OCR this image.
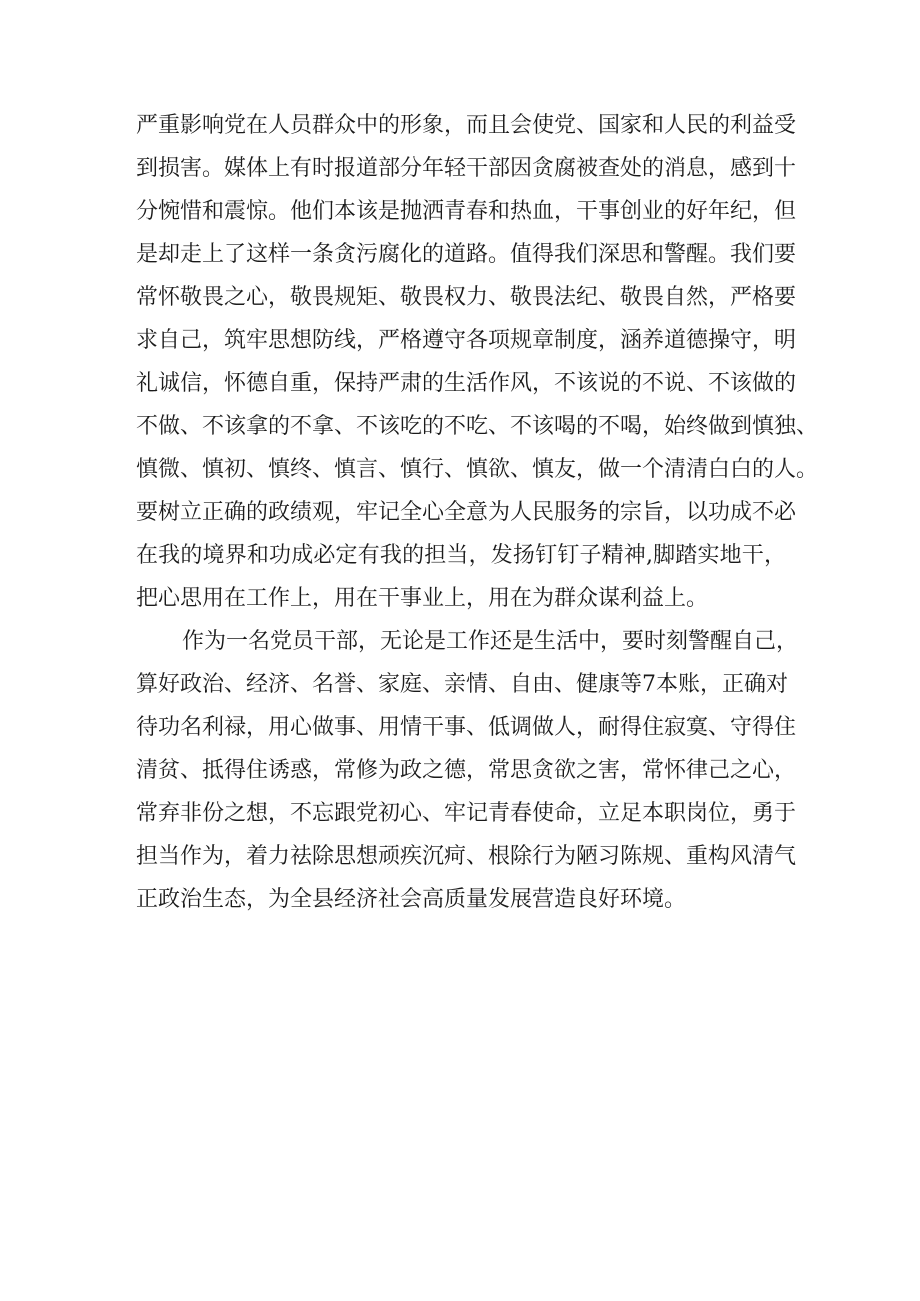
严重影响党在人员群众中的形象，而且会使党、国家和人民的利益受
到损害。媒体上有时报道部分年轻干部因贪腐被查处的消息，感到十
分惋惜和震惊。他们本该是抛洒青春和热血，干事创业的好年纪，但
是却走上了这样一条贪污腐化的道路。值得我们深思和警醒。我们要
常怀敬畏之心，敬畏规矩、敬畏权力、敬畏法纪、敬畏自然，严格要
求自己，筑牢思想防线，严格遵守各项规章制度，涵养道德操守，明
礼诚信，怀德自重，保持严肃的生活作风，不该说的不说、不该做的
不做、不该拿的不拿、不该吃的不吃、不该喝的不喝，始终做到慎独、
慎微、慎初、慎终、慎言、慎行、慎欲、慎友，做一个清清白白的人。
要树立正确的政绩观，牢记全心全意为人民服务的宗旨，以功成不必
在我的境界和功成必定有我的担当，发扬钉钉子精神,脚踏实地干，
把心思用在工作上，用在干事业上，用在为群众谋利益上。
作为一名党员干部，无论是工作还是生活中，要时刻警醒自己，
算好政治、经济、名誉、家庭、亲情、自由、健康等7本账，正确对
待功名利禄，用心做事、用情干事、低调做人，耐得住寂寞、守得住
清贫、抵得住诱惑，常修为政之德，常思贪欲之害，常怀律己之心，
常弃非份之想，不忘跟党初心、牢记青春使命，立足本职岗位，勇于
担当作为，着力祛除思想顽疾沉疴、根除行为陋习陈规、重构风清气
正政治生态，为全县经济社会高质量发展营造良好环境。
